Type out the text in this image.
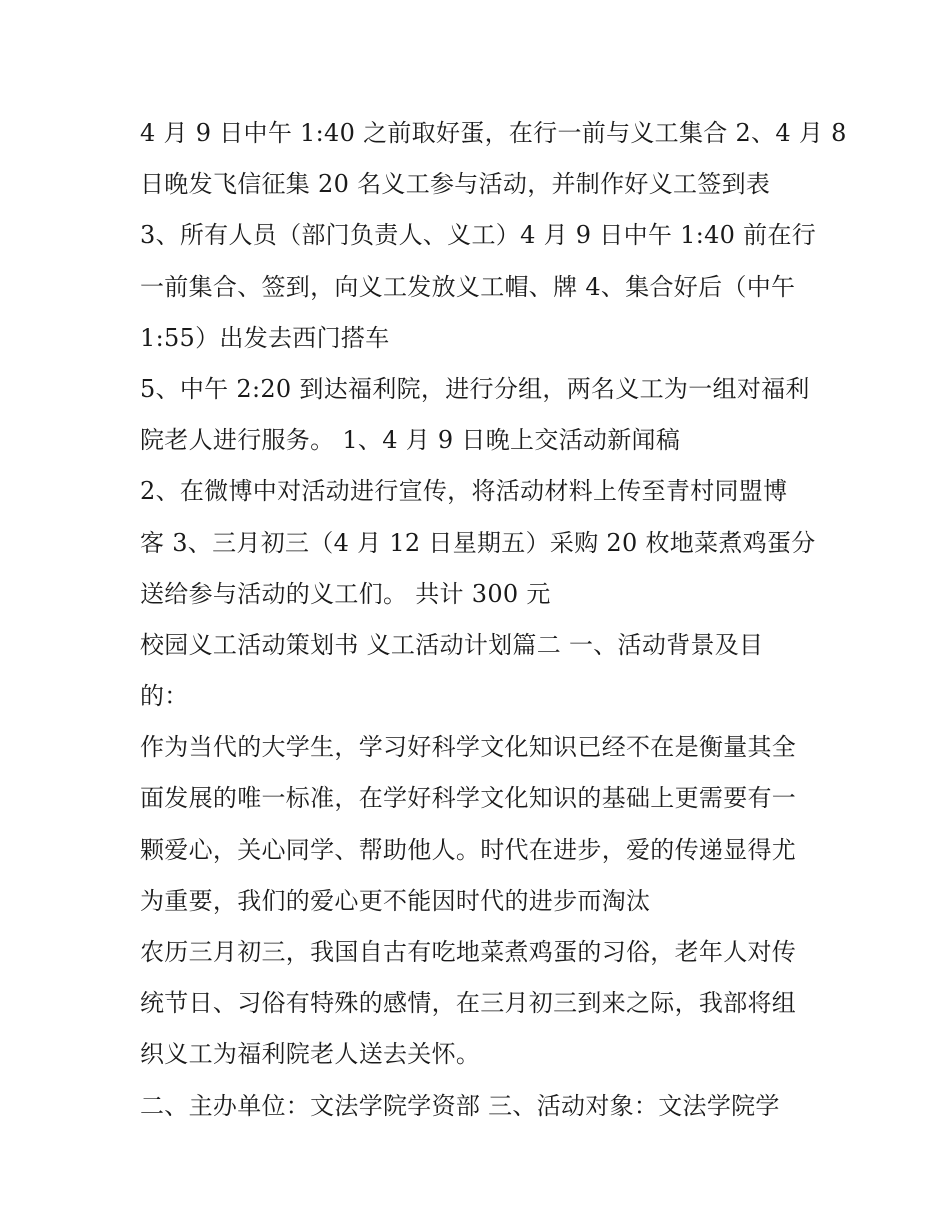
4 月 9 日中午 1:40 之前取好蛋，在行一前与义工集合 2、4 月 8
日晚发飞信征集 20 名义工参与活动，并制作好义工签到表
3、所有人员（部门负责人、义工）4 月 9 日中午 1:40 前在行
一前集合、签到，向义工发放义工帽、牌 4、集合好后（中午
1:55）出发去西门搭车
5、中午 2:20 到达福利院，进行分组，两名义工为一组对福利
院老人进行服务。 1、4 月 9 日晚上交活动新闻稿
2、在微博中对活动进行宣传，将活动材料上传至青村同盟博
客 3、三月初三（4 月 12 日星期五）采购 20 枚地菜煮鸡蛋分
送给参与活动的义工们。 共计 300 元
校园义工活动策划书 义工活动计划篇二 一、活动背景及目
的：
作为当代的大学生，学习好科学文化知识已经不在是衡量其全
面发展的唯一标准，在学好科学文化知识的基础上更需要有一
颗爱心，关心同学、帮助他人。时代在进步，爱的传递显得尤
为重要，我们的爱心更不能因时代的进步而淘汰
农历三月初三，我国自古有吃地菜煮鸡蛋的习俗，老年人对传
统节日、习俗有特殊的感情，在三月初三到来之际，我部将组
织义工为福利院老人送去关怀。
二、主办单位：文法学院学资部 三、活动对象：文法学院学
